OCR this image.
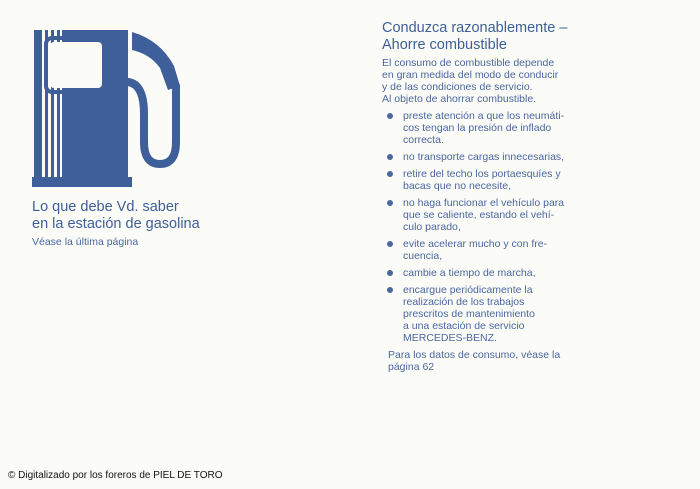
Lo que debe Vd. saber
en la estación de gasolina
Véase la última página
Conduzca razonablemente –
Ahorre combustible
El consumo de combustible depende
en gran medida del modo de conducir
y de las condiciones de servicio.
Al objeto de ahorrar combustible.
preste atención a que los neumáti-
cos tengan la presión de inflado
correcta.
no transporte cargas innecesarias,
retire del techo los portaesquíes y
bacas que no necesite,
no haga funcionar el vehículo para
que se caliente, estando el vehí-
culo parado,
evite acelerar mucho y con fre-
cuencia,
cambie a tiempo de marcha,
encargue periódicamente la
realización de los trabajos
prescritos de mantenimiento
a una estación de servicio
MERCEDES-BENZ.
Para los datos de consumo, véase la
página 62
© Digitalizado por los foreros de PIEL DE TORO
